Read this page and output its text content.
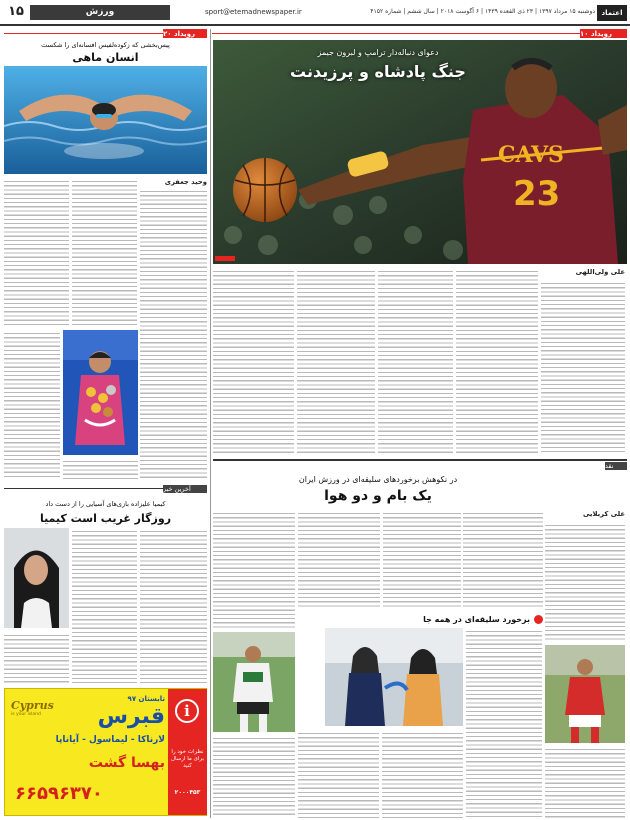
۱۵	ورزش	sport@etemadnewspaper.ir	دوشنبه ۱۵ مرداد ۱۳۹۷ | ۲۳ ذی القعده ۱۴۳۹ | ۶ آگوست ۲۰۱۸ | سال ششم | شماره ۴۱۵۲ اعتماد
رویداد ۱۰
رویداد ۲۰
CAVS
23
دعوای دنباله‌دار ترامپ و لبرون جیمز
جنگ پادشاه و پرزیدنت
علی ولی‌اللهی
نقد
در نکوهش برخوردهای سلیقه‌ای در ورزش ایران
یک بام و دو هوا
علی کربلایی
برخورد سلیقه‌ای در همه جا
پیس‌بخشی که زکوده‌لفیس افسانه‌ای را شکست
انسان ماهی
وحید جعفری
آخرین خبر
کیمیا علیزاده بازی‌های آسیایی را از دست داد
روزگار غریب است کیمیا
Cyprus
is your island
تابستان ۹۷
قبرس
لارناکا - لیماسول - آیاناپا
بهسا گشت
۶۶۵۹۶۳۷۰
i
نظرات خود را برای ما ارسال کنید
۲۰۰۰۴۵۳
